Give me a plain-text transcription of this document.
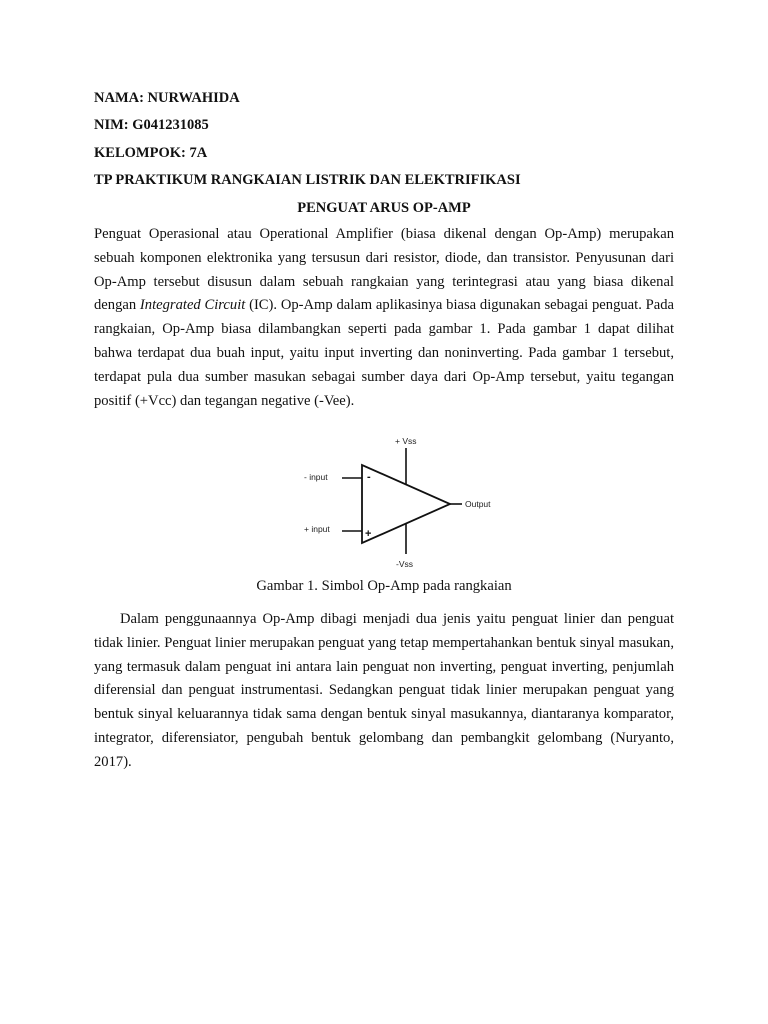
NAMA: NURWAHIDA

NIM: G041231085

KELOMPOK: 7A

TP PRAKTIKUM RANGKAIAN LISTRIK DAN ELEKTRIFIKASI

PENGUAT ARUS OP-AMP

Penguat Operasional atau Operational Amplifier (biasa dikenal dengan Op-Amp) merupakan sebuah komponen elektronika yang tersusun dari resistor, diode, dan transistor. Penyusunan dari Op-Amp tersebut disusun dalam sebuah rangkaian yang terintegrasi atau yang biasa dikenal dengan Integrated Circuit (IC). Op-Amp dalam aplikasinya biasa digunakan sebagai penguat. Pada rangkaian, Op-Amp biasa dilambangkan seperti pada gambar 1. Pada gambar 1 dapat dilihat bahwa terdapat dua buah input, yaitu input inverting dan noninverting. Pada gambar 1 tersebut, terdapat pula dua sumber masukan sebagai sumber daya dari Op-Amp tersebut, yaitu tegangan positif (+Vcc) dan tegangan negative (-Vee).

-
+
+ Vss
-Vss
- input
+ input
Output

Gambar 1. Simbol Op-Amp pada rangkaian

Dalam penggunaannya Op-Amp dibagi menjadi dua jenis yaitu penguat linier dan penguat tidak linier. Penguat linier merupakan penguat yang tetap mempertahankan bentuk sinyal masukan, yang termasuk dalam penguat ini antara lain penguat non inverting, penguat inverting, penjumlah diferensial dan penguat instrumentasi. Sedangkan penguat tidak linier merupakan penguat yang bentuk sinyal keluarannya tidak sama dengan bentuk sinyal masukannya, diantaranya komparator, integrator, diferensiator, pengubah bentuk gelombang dan pembangkit gelombang (Nuryanto, 2017).
